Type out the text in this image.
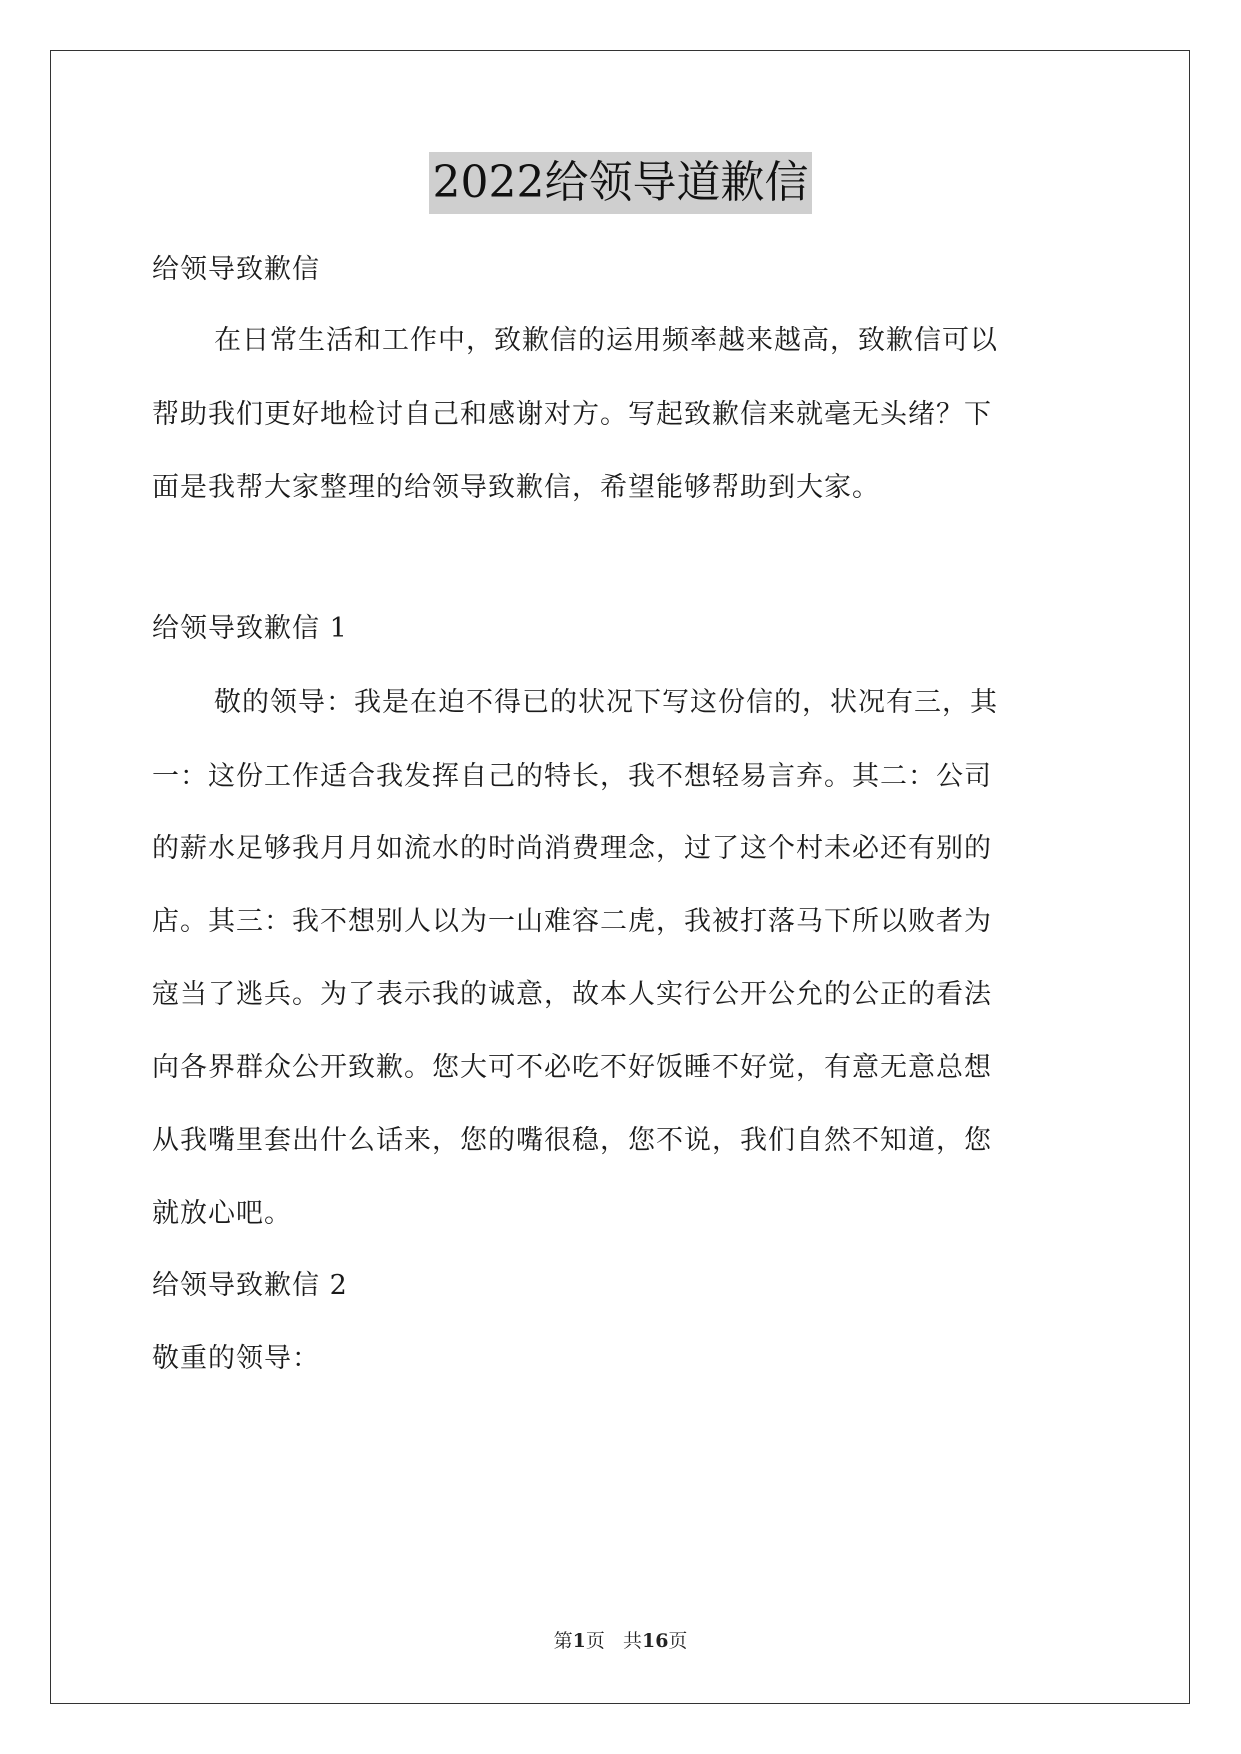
2022给领导道歉信
给领导致歉信
在日常生活和工作中，致歉信的运用频率越来越高，致歉信可以
帮助我们更好地检讨自己和感谢对方。写起致歉信来就毫无头绪？下
面是我帮大家整理的给领导致歉信，希望能够帮助到大家。
给领导致歉信 1
敬的领导：我是在迫不得已的状况下写这份信的，状况有三，其
一：这份工作适合我发挥自己的特长，我不想轻易言弃。其二：公司
的薪水足够我月月如流水的时尚消费理念，过了这个村未必还有别的
店。其三：我不想别人以为一山难容二虎，我被打落马下所以败者为
寇当了逃兵。为了表示我的诚意，故本人实行公开公允的公正的看法
向各界群众公开致歉。您大可不必吃不好饭睡不好觉，有意无意总想
从我嘴里套出什么话来，您的嘴很稳，您不说，我们自然不知道，您
就放心吧。
给领导致歉信 2
敬重的领导：
第1页 共16页
